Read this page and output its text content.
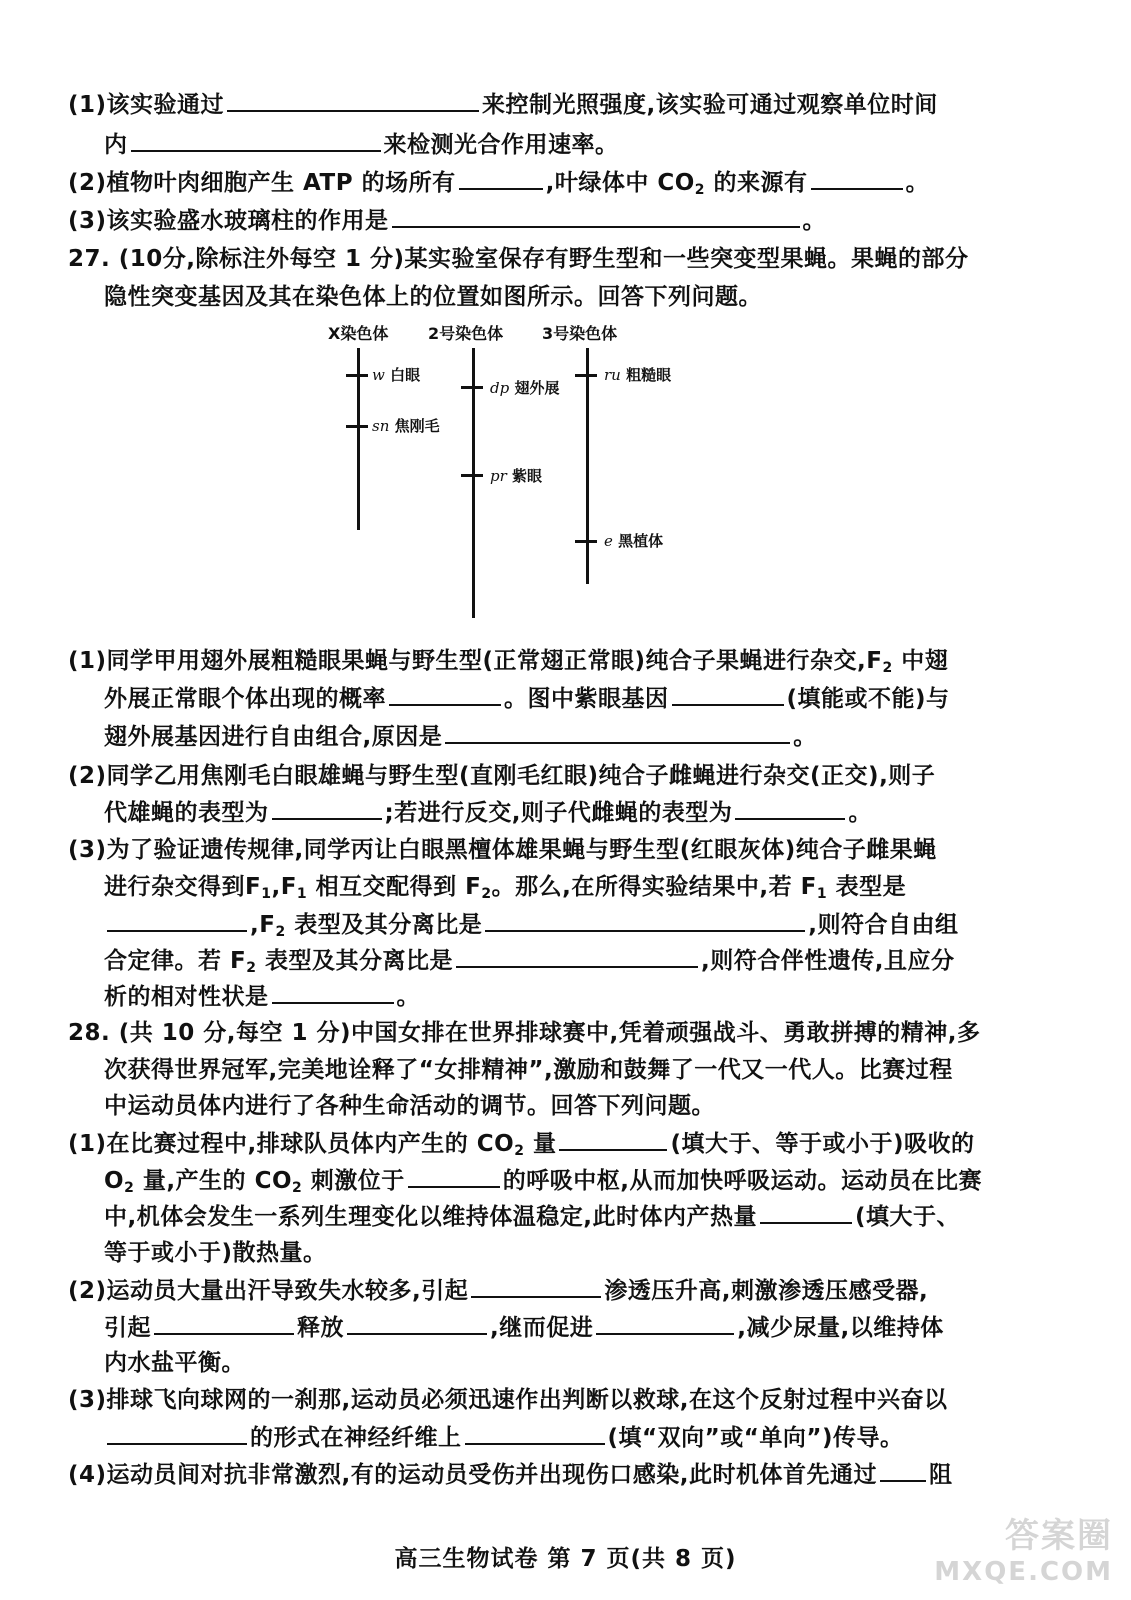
(1)该实验通过	来控制光照强度,该实验可通过观察单位时间
内	来检测光合作用速率。
(2)植物叶肉细胞产生 ATP 的场所有	,叶绿体中 $CO_2$ 的来源有	。
(3)该实验盛水玻璃柱的作用是	。
27. (10分,除标注外每空 1 分)某实验室保存有野生型和一些突变型果蝇。果蝇的部分
隐性突变基因及其在染色体上的位置如图所示。回答下列问题。
X染色体 2号染色体 3号染色体
w 白眼
sn 焦刚毛
dp 翅外展
pr 紫眼
ru 粗糙眼
e 黑植体
(1)同学甲用翅外展粗糙眼果蝇与野生型(正常翅正常眼)纯合子果蝇进行杂交$,F_2$ 中翅
外展正常眼个体出现的概率	。图中紫眼基因	(填能或不能)与
翅外展基因进行自由组合,原因是	。
(2)同学乙用焦刚毛白眼雄蝇与野生型(直刚毛红眼)纯合子雌蝇进行杂交(正交),则子
代雄蝇的表型为	;若进行反交,则子代雌蝇的表型为	。
(3)为了验证遗传规律,同学丙让白眼黑檀体雄果蝇与野生型(红眼灰体)纯合子雌果蝇
进行杂交得到$F_1,F_1$ 相互交配得到 $F_2$。那么,在所得实验结果中,若 $F_1$ 表型是
$,F_2$ 表型及其分离比是	,则符合自由组
合定律。若 $F_2$ 表型及其分离比是	,则符合伴性遗传,且应分
析的相对性状是	。
28. (共 10 分,每空 1 分)中国女排在世界排球赛中,凭着顽强战斗、勇敢拼搏的精神,多
次获得世界冠军,完美地诠释了“女排精神”,激励和鼓舞了一代又一代人。比赛过程
中运动员体内进行了各种生命活动的调节。回答下列问题。
(1)在比赛过程中,排球队员体内产生的 $CO_2$ 量	(填大于、等于或小于)吸收的
$O_2$ 量,产生的 $CO_2$ 刺激位于	的呼吸中枢,从而加快呼吸运动。运动员在比赛
中,机体会发生一系列生理变化以维持体温稳定,此时体内产热量	(填大于、
等于或小于)散热量。
(2)运动员大量出汗导致失水较多,引起	渗透压升高,刺激渗透压感受器,
引起	释放	,继而促进	,减少尿量,以维持体
内水盐平衡。
(3)排球飞向球网的一刹那,运动员必须迅速作出判断以救球,在这个反射过程中兴奋以
的形式在神经纤维上	(填“双向”或“单向”)传导。
(4)运动员间对抗非常激烈,有的运动员受伤并出现伤口感染,此时机体首先通过 阻
高三生物试卷 第 7 页(共 8 页)
答案圈
MXQE.COM
